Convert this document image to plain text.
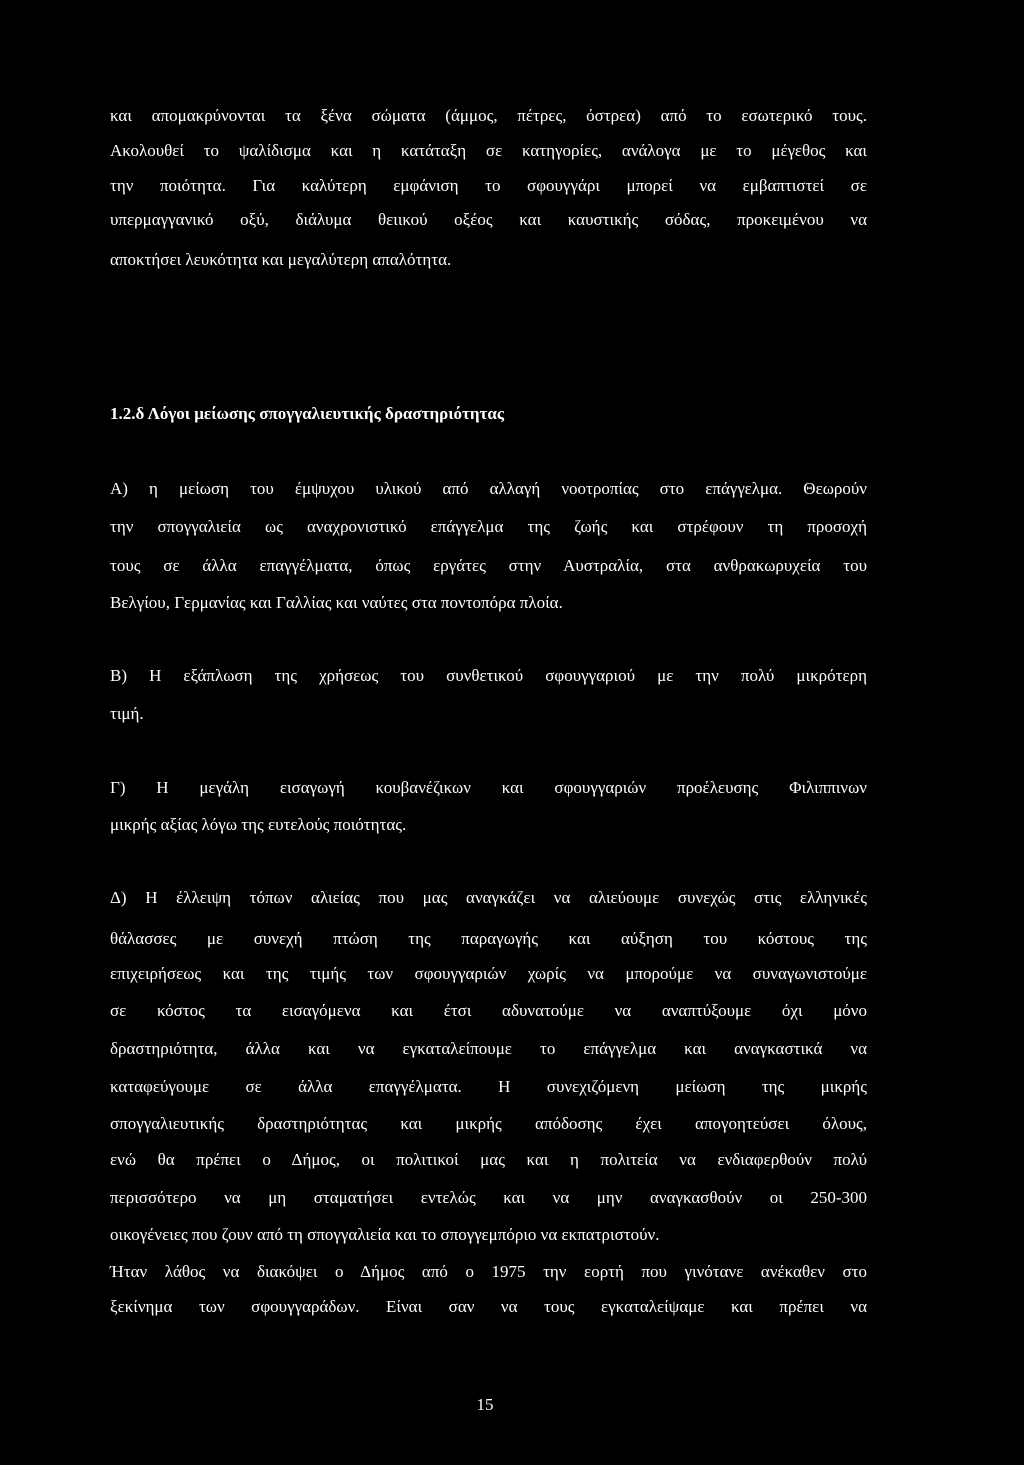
και απομακρύνονται τα ξένα σώματα (άμμος, πέτρες, όστρεα) από το εσωτερικό τους.
Ακολουθεί το ψαλίδισμα και η κατάταξη σε κατηγορίες, ανάλογα με το μέγεθος και
την ποιότητα. Για καλύτερη εμφάνιση το σφουγγάρι μπορεί να εμβαπτιστεί σε
υπερμαγγανικό οξύ, διάλυμα θειικού οξέος και καυστικής σόδας, προκειμένου να
αποκτήσει λευκότητα και μεγαλύτερη απαλότητα.
1.2.δ Λόγοι μείωσης σπογγαλιευτικής δραστηριότητας
Α) η μείωση του έμψυχου υλικού από αλλαγή νοοτροπίας στο επάγγελμα. Θεωρούν
την σπογγαλιεία ως αναχρονιστικό επάγγελμα της ζωής και στρέφουν τη προσοχή
τους σε άλλα επαγγέλματα, όπως εργάτες στην Αυστραλία, στα ανθρακωρυχεία του
Βελγίου, Γερμανίας και Γαλλίας και ναύτες στα ποντοπόρα πλοία.
Β) Η εξάπλωση της χρήσεως του συνθετικού σφουγγαριού με την πολύ μικρότερη
τιμή.
Γ) Η μεγάλη εισαγωγή κουβανέζικων και σφουγγαριών προέλευσης Φιλιππινων
μικρής αξίας λόγω της ευτελούς ποιότητας.
Δ) Η έλλειψη τόπων αλιείας που μας αναγκάζει να αλιεύουμε συνεχώς στις ελληνικές
θάλασσες με συνεχή πτώση της παραγωγής και αύξηση του κόστους της
επιχειρήσεως και της τιμής των σφουγγαριών χωρίς να μπορούμε να συναγωνιστούμε
σε κόστος τα εισαγόμενα και έτσι αδυνατούμε να αναπτύξουμε όχι μόνο
δραστηριότητα, άλλα και να εγκαταλείπουμε το επάγγελμα και αναγκαστικά να
καταφεύγουμε σε άλλα επαγγέλματα. Η συνεχιζόμενη μείωση της μικρής
σπογγαλιευτικής δραστηριότητας και μικρής απόδοσης έχει απογοητεύσει όλους,
ενώ θα πρέπει ο Δήμος, οι πολιτικοί μας και η πολιτεία να ενδιαφερθούν πολύ
περισσότερο να μη σταματήσει εντελώς και να μην αναγκασθούν οι 250-300
οικογένειες που ζουν από τη σπογγαλιεία και το σπογγεμπόριο να εκπατριστούν.
Ήταν λάθος να διακόψει ο Δήμος από ο 1975 την εορτή που γινότανε ανέκαθεν στο
ξεκίνημα των σφουγγαράδων. Είναι σαν να τους εγκαταλείψαμε και πρέπει να
15
